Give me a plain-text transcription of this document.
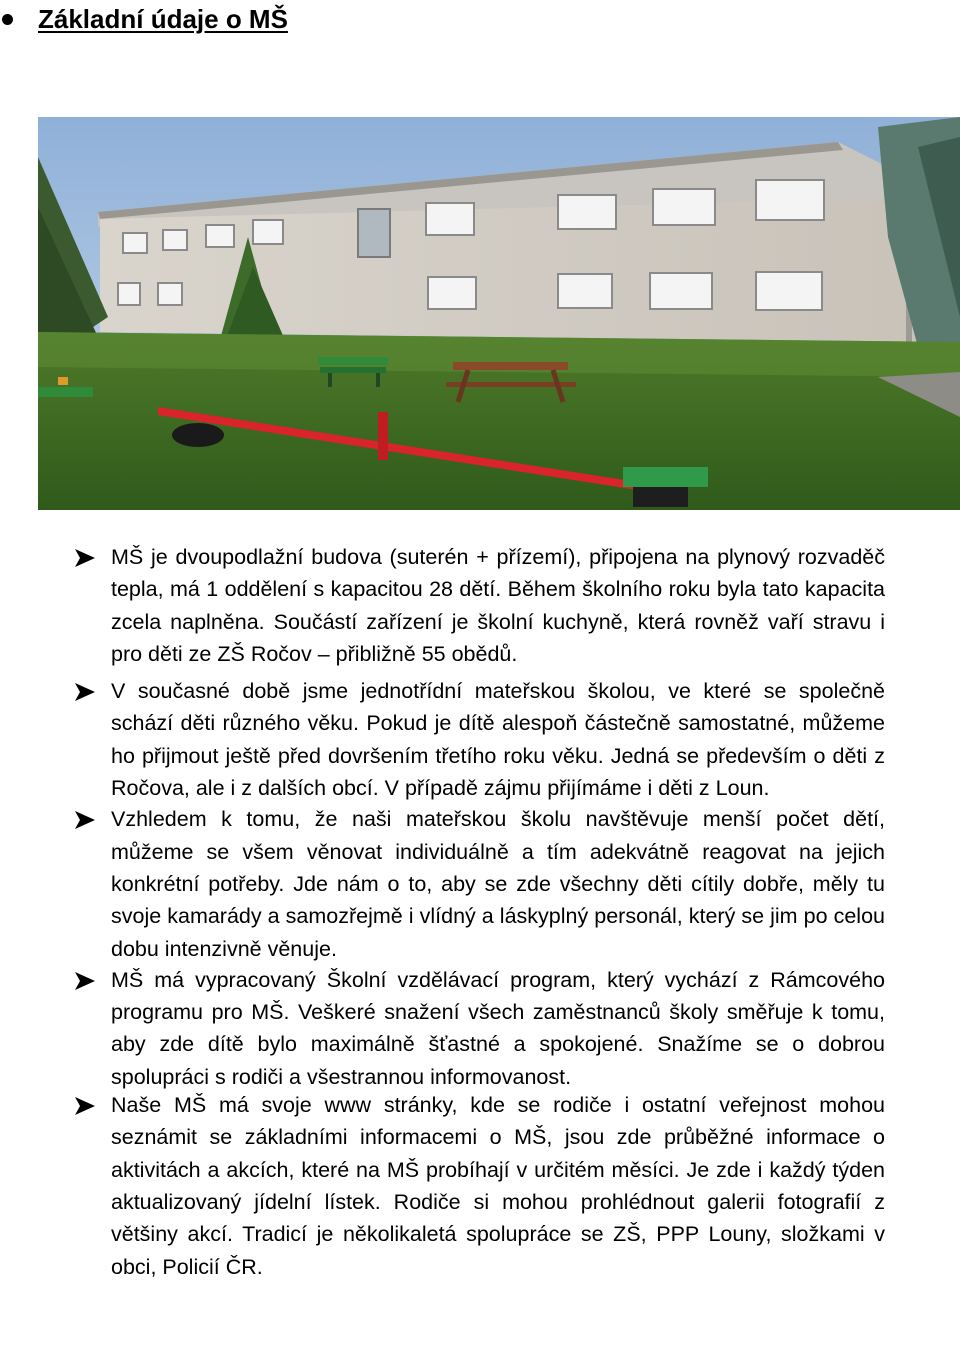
Základní údaje o MŠ
MŠ je dvoupodlažní budova (suterén + přízemí), připojena na plynový rozvaděč tepla, má 1 oddělení s kapacitou 28 dětí. Během školního roku byla tato kapacita zcela naplněna. Součástí zařízení je školní kuchyně, která rovněž vaří stravu i pro děti ze ZŠ Ročov – přibližně 55 obědů.
V současné době jsme jednotřídní mateřskou školou, ve které se společně schází děti různého věku. Pokud je dítě alespoň částečně samostatné, můžeme ho přijmout ještě před dovršením třetího roku věku. Jedná se především o děti z Ročova, ale i z dalších obcí. V případě zájmu přijímáme i děti z Loun.
Vzhledem k tomu, že naši mateřskou školu navštěvuje menší počet dětí, můžeme se všem věnovat individuálně a tím adekvátně reagovat na jejich konkrétní potřeby. Jde nám o to, aby se zde všechny děti cítily dobře, měly tu svoje kamarády a samozřejmě i vlídný a láskyplný personál, který se jim po celou dobu intenzivně věnuje.
MŠ má vypracovaný Školní vzdělávací program, který vychází z Rámcového programu pro MŠ. Veškeré snažení všech zaměstnanců školy směřuje k tomu, aby zde dítě bylo maximálně šťastné a spokojené. Snažíme se o dobrou spolupráci s rodiči a všestrannou informovanost.
Naše MŠ má svoje www stránky, kde se rodiče i ostatní veřejnost mohou seznámit se základními informacemi o MŠ, jsou zde průběžné informace o aktivitách a akcích, které na MŠ probíhají v určitém měsíci. Je zde i každý týden aktualizovaný jídelní lístek. Rodiče si mohou prohlédnout galerii fotografií z většiny akcí. Tradicí je několikaletá spolupráce se ZŠ, PPP Louny, složkami v obci, Policií ČR.
